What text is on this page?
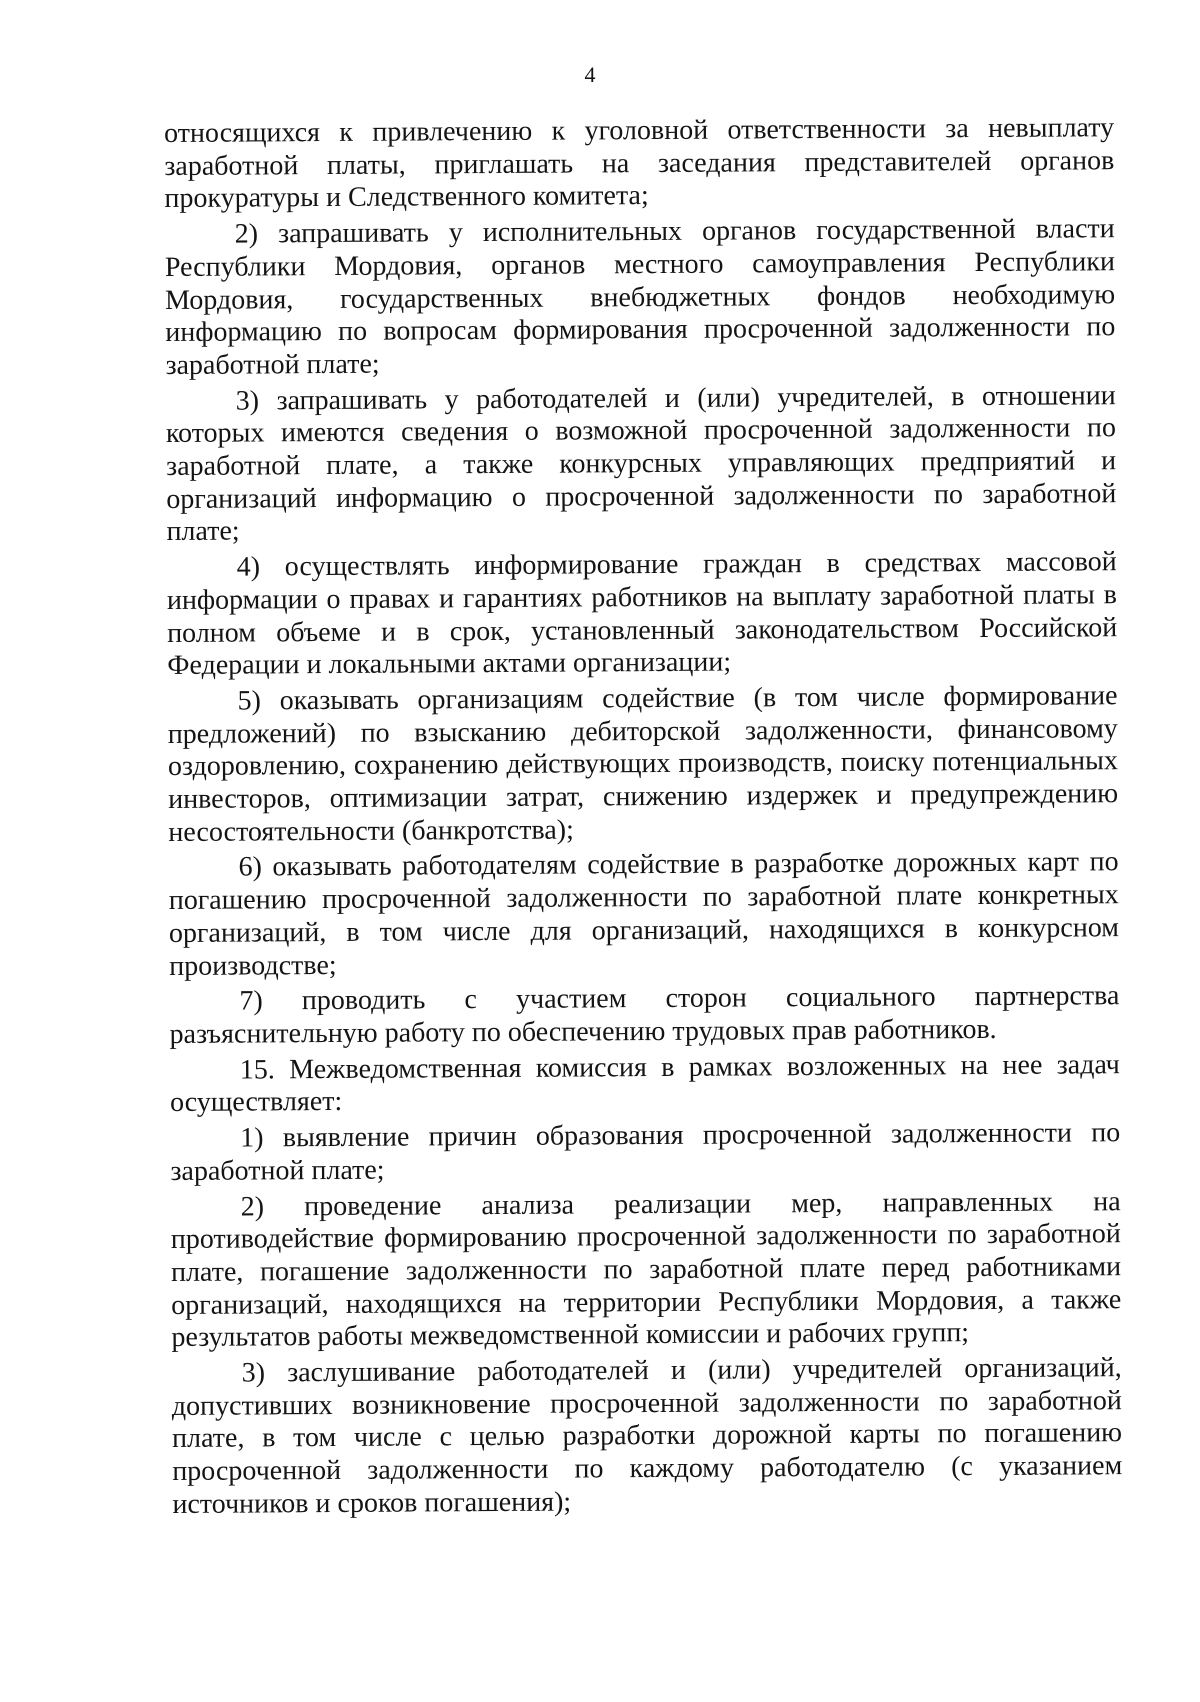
4

относящихся к привлечению к уголовной ответственности за невыплату заработной платы, приглашать на заседания представителей органов прокуратуры и Следственного комитета;

2) запрашивать у исполнительных органов государственной власти Республики Мордовия, органов местного самоуправления Республики Мордовия, государственных внебюджетных фондов необходимую информацию по вопросам формирования просроченной задолженности по заработной плате;

3) запрашивать у работодателей и (или) учредителей, в отношении которых имеются сведения о возможной просроченной задолженности по заработной плате, а также конкурсных управляющих предприятий и организаций информацию о просроченной задолженности по заработной плате;

4) осуществлять информирование граждан в средствах массовой информации о правах и гарантиях работников на выплату заработной платы в полном объеме и в срок, установленный законодательством Российской Федерации и локальными актами организации;

5) оказывать организациям содействие (в том числе формирование предложений) по взысканию дебиторской задолженности, финансовому оздоровлению, сохранению действующих производств, поиску потенциальных инвесторов, оптимизации затрат, снижению издержек и предупреждению несостоятельности (банкротства);

6) оказывать работодателям содействие в разработке дорожных карт по погашению просроченной задолженности по заработной плате конкретных организаций, в том числе для организаций, находящихся в конкурсном производстве;

7) проводить с участием сторон социального партнерства разъяснительную работу по обеспечению трудовых прав работников.

15. Межведомственная комиссия в рамках возложенных на нее задач осуществляет:

1) выявление причин образования просроченной задолженности по заработной плате;

2) проведение анализа реализации мер, направленных на противодействие формированию просроченной задолженности по заработной плате, погашение задолженности по заработной плате перед работниками организаций, находящихся на территории Республики Мордовия, а также результатов работы межведомственной комиссии и рабочих групп;

3) заслушивание работодателей и (или) учредителей организаций, допустивших возникновение просроченной задолженности по заработной плате, в том числе с целью разработки дорожной карты по погашению просроченной задолженности по каждому работодателю (с указанием источников и сроков погашения);
